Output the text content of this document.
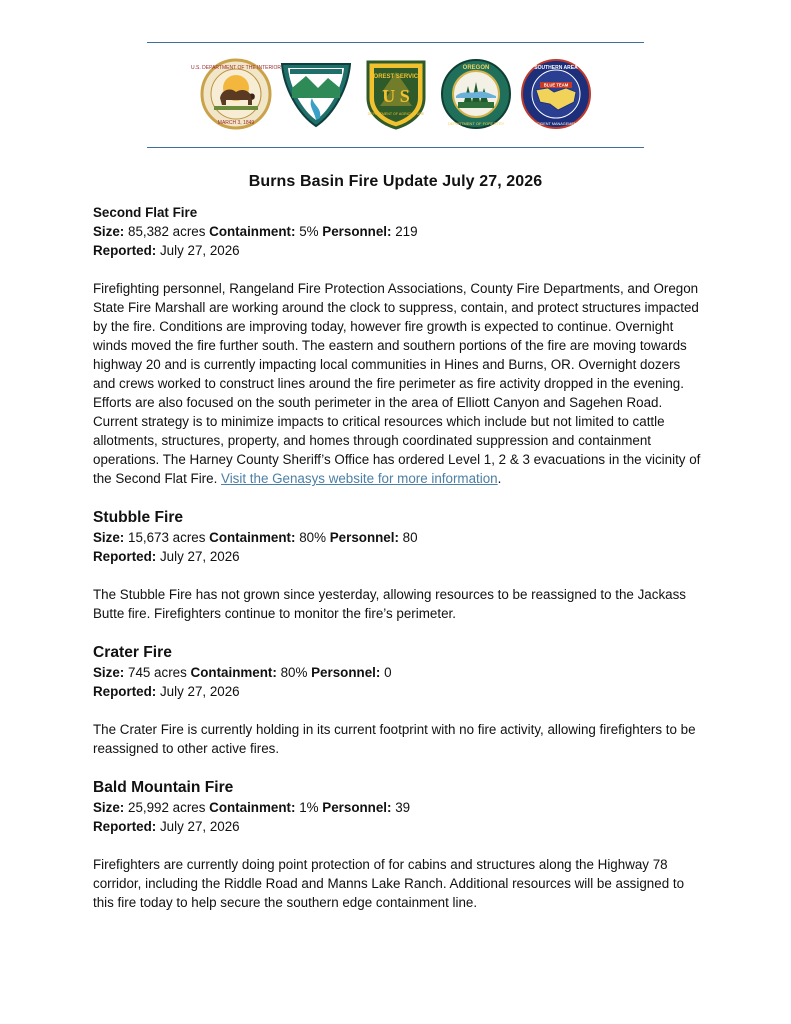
U.S. DEPARTMENT OF THE INTERIOR
MARCH 3, 1849
FOREST SERVICE
U S
DEPARTMENT OF AGRICULTURE
OREGON
DEPARTMENT OF FORESTRY
BLUE TEAM
SOUTHERN AREA
INCIDENT MANAGEMENT
Burns Basin Fire Update July 27, 2026

Second Flat Fire

Size: 85,382 acres Containment: 5% Personnel: 219

Reported: July 27, 2026

Firefighting personnel, Rangeland Fire Protection Associations, County Fire Departments, and Oregon State Fire Marshall are working around the clock to suppress, contain, and protect structures impacted by the fire. Conditions are improving today, however fire growth is expected to continue. Overnight winds moved the fire further south. The eastern and southern portions of the fire are moving towards highway 20 and is currently impacting local communities in Hines and Burns, OR. Overnight dozers and crews worked to construct lines around the fire perimeter as fire activity dropped in the evening. Efforts are also focused on the south perimeter in the area of Elliott Canyon and Sagehen Road. Current strategy is to minimize impacts to critical resources which include but not limited to cattle allotments, structures, property, and homes through coordinated suppression and containment operations. The Harney County Sheriff’s Office has ordered Level 1, 2 & 3 evacuations in the vicinity of the Second Flat Fire. Visit the Genasys website for more information.

Stubble Fire

Size: 15,673 acres Containment: 80% Personnel: 80

Reported: July 27, 2026

The Stubble Fire has not grown since yesterday, allowing resources to be reassigned to the Jackass Butte fire. Firefighters continue to monitor the fire’s perimeter.

Crater Fire

Size: 745 acres Containment: 80% Personnel: 0

Reported: July 27, 2026

The Crater Fire is currently holding in its current footprint with no fire activity, allowing firefighters to be reassigned to other active fires.

Bald Mountain Fire

Size: 25,992 acres Containment: 1% Personnel: 39

Reported: July 27, 2026

Firefighters are currently doing point protection of for cabins and structures along the Highway 78 corridor, including the Riddle Road and Manns Lake Ranch. Additional resources will be assigned to this fire today to help secure the southern edge containment line.
